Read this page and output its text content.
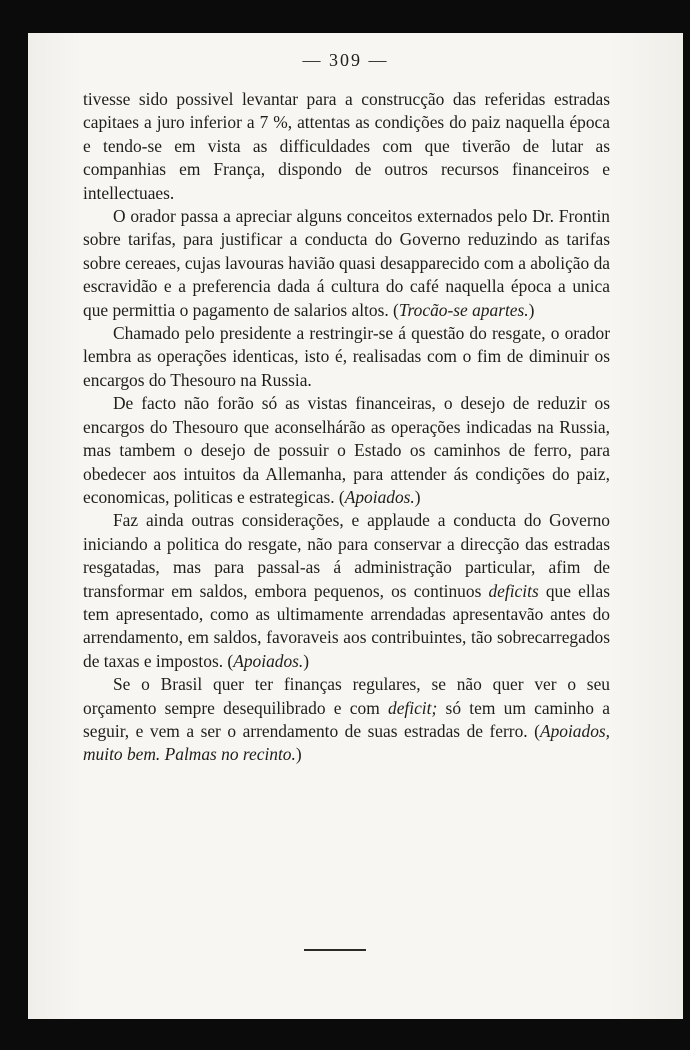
— 309 —

tivesse sido possivel levantar para a construcção das referidas estradas capitaes a juro inferior a 7 %, attentas as condições do paiz naquella época e tendo-se em vista as difficuldades com que tiverão de lutar as companhias em França, dispondo de outros recursos financeiros e intellectuaes.

O orador passa a apreciar alguns conceitos externados pelo Dr. Frontin sobre tarifas, para justificar a conducta do Governo reduzindo as tarifas sobre cereaes, cujas lavouras havião quasi desapparecido com a abolição da escravidão e a preferencia dada á cultura do café naquella época a unica que permittia o pagamento de salarios altos. (Trocão-se apartes.)

Chamado pelo presidente a restringir-se á questão do resgate, o orador lembra as operações identicas, isto é, realisadas com o fim de diminuir os encargos do Thesouro na Russia.

De facto não forão só as vistas financeiras, o desejo de reduzir os encargos do Thesouro que aconselhárão as operações indicadas na Russia, mas tambem o desejo de possuir o Estado os caminhos de ferro, para obedecer aos intuitos da Allemanha, para attender ás condições do paiz, economicas, politicas e estrategicas. (Apoiados.)

Faz ainda outras considerações, e applaude a conducta do Governo iniciando a politica do resgate, não para conservar a direcção das estradas resgatadas, mas para passal-as á administração particular, afim de transformar em saldos, embora pequenos, os continuos deficits que ellas tem apresentado, como as ultimamente arrendadas apresentavão antes do arrendamento, em saldos, favoraveis aos contribuintes, tão sobrecarregados de taxas e impostos. (Apoiados.)

Se o Brasil quer ter finanças regulares, se não quer ver o seu orçamento sempre desequilibrado e com deficit; só tem um caminho a seguir, e vem a ser o arrendamento de suas estradas de ferro. (Apoiados, muito bem. Palmas no recinto.)
